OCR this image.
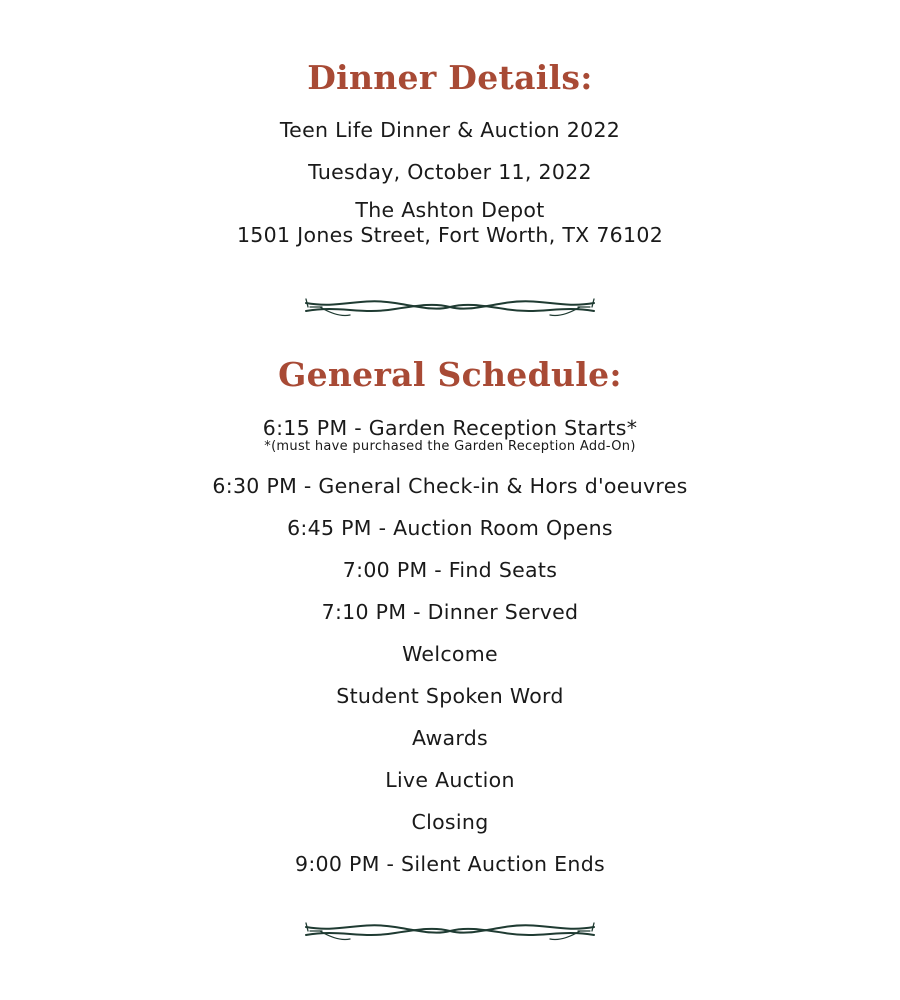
Dinner Details:
Teen Life Dinner & Auction 2022
Tuesday, October 11, 2022
The Ashton Depot
1501 Jones Street, Fort Worth, TX 76102
General Schedule:
6:15 PM - Garden Reception Starts*
*(must have purchased the Garden Reception Add-On)
6:30 PM - General Check-in & Hors d'oeuvres
6:45 PM - Auction Room Opens
7:00 PM - Find Seats
7:10 PM - Dinner Served
Welcome
Student Spoken Word
Awards
Live Auction
Closing
9:00 PM - Silent Auction Ends
